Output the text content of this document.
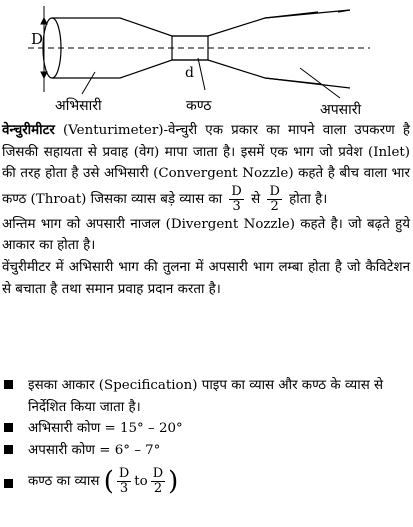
D
d
अभिसारी	कण्ठ	अपसारी

वेन्चुरीमीटर (Venturimeter)-वेन्चुरी एक प्रकार का मापने वाला उपकरण है जिसकी सहायता से प्रवाह (वेग) मापा जाता है। इसमें एक भाग जो प्रवेश (Inlet) की तरह होता है उसे अभिसारी (Convergent Nozzle) कहते है बीच वाला भार कण्ठ (Throat) जिसका व्यास बड़े व्यास का $\frac{D}{3}$ से $\frac{D}{2}$ होता है।

अन्तिम भाग को अपसारी नाजल (Divergent Nozzle) कहते है। जो बढ़ते हुये आकार का होता है।

वेंचुरीमीटर में अभिसारी भाग की तुलना में अपसारी भाग लम्बा होता है जो कैविटेशन से बचाता है तथा समान प्रवाह प्रदान करता है।

इसका आकार (Specification) पाइप का व्यास और कण्ठ के व्यास से निर्देशित किया जाता है।
अभिसारी कोण = 15° – 20°
अपसारी कोण = 6° – 7°
कण्ठ का व्यास ( $\frac{D}{3}$ to $\frac{D}{2}$ )
